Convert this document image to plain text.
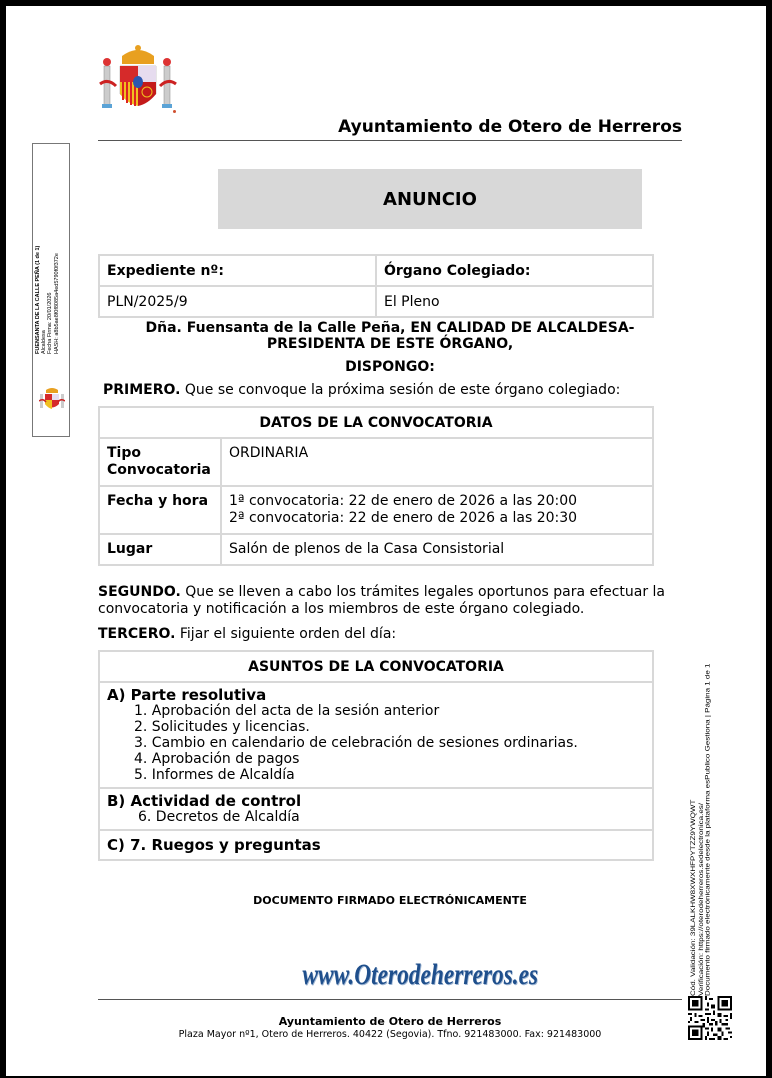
Ayuntamiento de Otero de Herreros
ANUNCIO
Expediente nº:	Órgano Colegiado:
PLN/2025/9	El Pleno
Dña. Fuensanta de la Calle Peña, EN CALIDAD DE ALCALDESA-
PRESIDENTA DE ESTE ÓRGANO,
DISPONGO:
PRIMERO. Que se convoque la próxima sesión de este órgano colegiado:
DATOS DE LA CONVOCATORIA	
Tipo Convocatoria	ORDINARIA
Fecha y hora	1ª convocatoria: 22 de enero de 2026 a las 20:00
2ª convocatoria: 22 de enero de 2026 a las 20:30

Lugar	Salón de plenos de la Casa Consistorial
SEGUNDO. Que se lleven a cabo los trámites legales oportunos para efectuar la convocatoria y notificación a los miembros de este órgano colegiado.
TERCERO. Fijar el siguiente orden del día:
ASUNTOS DE LA CONVOCATORIA

A) Parte resolutiva
1. Aprobación del acta de la sesión anterior
2. Solicitudes y licencias.
3. Cambio en calendario de celebración de sesiones ordinarias.
4. Aprobación de pagos
5. Informes de Alcaldía

B) Actividad de control
6. Decretos de Alcaldía

C) 7. Ruegos y preguntas
DOCUMENTO FIRMADO ELECTRÓNICAMENTE
www.Oterodeherreros.es
Ayuntamiento de Otero de Herreros
Plaza Mayor nº1, Otero de Herreros. 40422 (Segovia). Tfno. 921483000. Fax: 921483000
FUENSANTA DE LA CALLE PEÑA (1 de 1) Alcaldesa Fecha Firma: 20/01/2026 HASH: a8b5ae8f0f8085a4ed5790f0f372e
Cód. Validación: 39LALKHW8XWXHFPYTZZ9YWQWT Verificación: https://oterodeherreros.sedelectronica.es/ Documento firmado electrónicamente desde la plataforma esPublico Gestiona | Página 1 de 1
